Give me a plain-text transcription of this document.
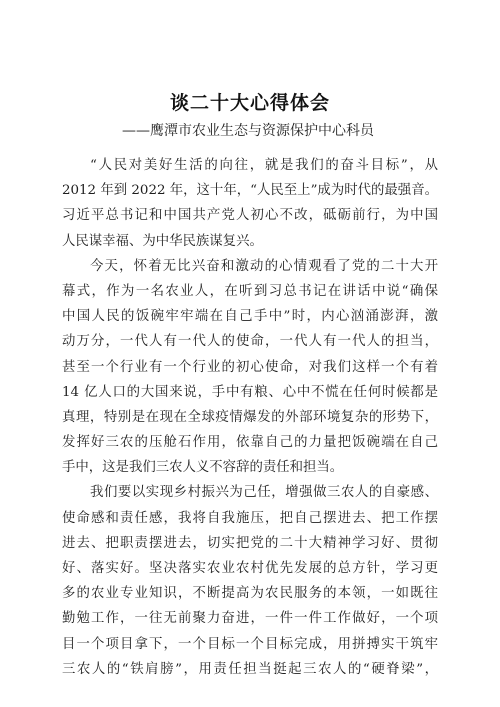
谈二十大心得体会
——鹰潭市农业生态与资源保护中心科员
“人民对美好生活的向往，就是我们的奋斗目标”，从
2012 年到 2022 年，这十年，“人民至上”成为时代的最强音。
习近平总书记和中国共产党人初心不改，砥砺前行，为中国
人民谋幸福、为中华民族谋复兴。
今天，怀着无比兴奋和激动的心情观看了党的二十大开
幕式，作为一名农业人，在听到习总书记在讲话中说“确保
中国人民的饭碗牢牢端在自己手中”时，内心汹涌澎湃，激
动万分，一代人有一代人的使命，一代人有一代人的担当，
甚至一个行业有一个行业的初心使命，对我们这样一个有着
14 亿人口的大国来说，手中有粮、心中不慌在任何时候都是
真理，特别是在现在全球疫情爆发的外部环境复杂的形势下，
发挥好三农的压舱石作用，依靠自己的力量把饭碗端在自己
手中，这是我们三农人义不容辞的责任和担当。
我们要以实现乡村振兴为己任，增强做三农人的自豪感、
使命感和责任感，我将自我施压，把自己摆进去、把工作摆
进去、把职责摆进去，切实把党的二十大精神学习好、贯彻
好、落实好。坚决落实农业农村优先发展的总方针，学习更
多的农业专业知识，不断提高为农民服务的本领，一如既往
勤勉工作，一往无前聚力奋进，一件一件工作做好，一个项
目一个项目拿下，一个目标一个目标完成，用拼搏实干筑牢
三农人的“铁肩膀”，用责任担当挺起三农人的“硬脊梁”，
